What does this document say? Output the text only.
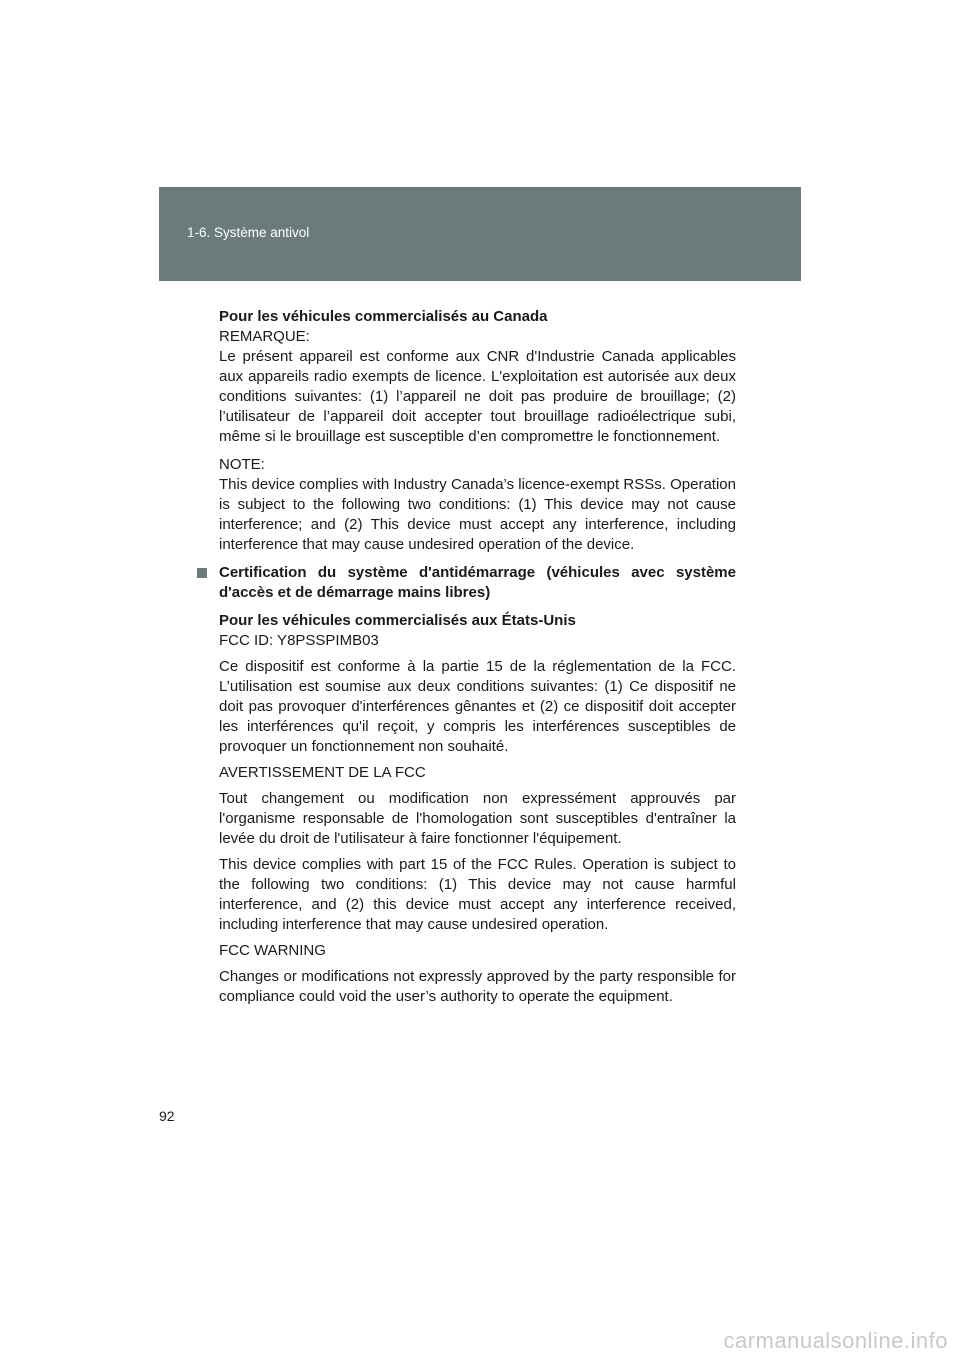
1-6. Système antivol

Pour les véhicules commercialisés au Canada

REMARQUE:

Le présent appareil est conforme aux CNR d'Industrie Canada applicables aux appareils radio exempts de licence. L'exploitation est autorisée aux deux conditions suivantes: (1) l’appareil ne doit pas produire de brouillage; (2) l’utilisateur de l’appareil doit accepter tout brouillage radioélectrique subi, même si le brouillage est susceptible d’en compromettre le fonctionnement.

NOTE:

This device complies with Industry Canada’s licence-exempt RSSs. Operation is subject to the following two conditions: (1) This device may not cause interference; and (2) This device must accept any interference, including interference that may cause undesired operation of the device.

Certification du système d'antidémarrage (véhicules avec système d'accès et de démarrage mains libres)

Pour les véhicules commercialisés aux États-Unis

FCC ID: Y8PSSPIMB03

Ce dispositif est conforme à la partie 15 de la réglementation de la FCC. L’utilisation est soumise aux deux conditions suivantes: (1) Ce dispositif ne doit pas provoquer d'interférences gênantes et (2) ce dispositif doit accepter les interférences qu'il reçoit, y compris les interférences susceptibles de provoquer un fonctionnement non souhaité.

AVERTISSEMENT DE LA FCC

Tout changement ou modification non expressément approuvés par l'organisme responsable de l'homologation sont susceptibles d'entraîner la levée du droit de l'utilisateur à faire fonctionner l'équipement.

This device complies with part 15 of the FCC Rules. Operation is subject to the following two conditions: (1) This device may not cause harmful interference, and (2) this device must accept any interference received, including interference that may cause undesired operation.

FCC WARNING

Changes or modifications not expressly approved by the party responsible for compliance could void the user’s authority to operate the equipment.

92
carmanualsonline.info
